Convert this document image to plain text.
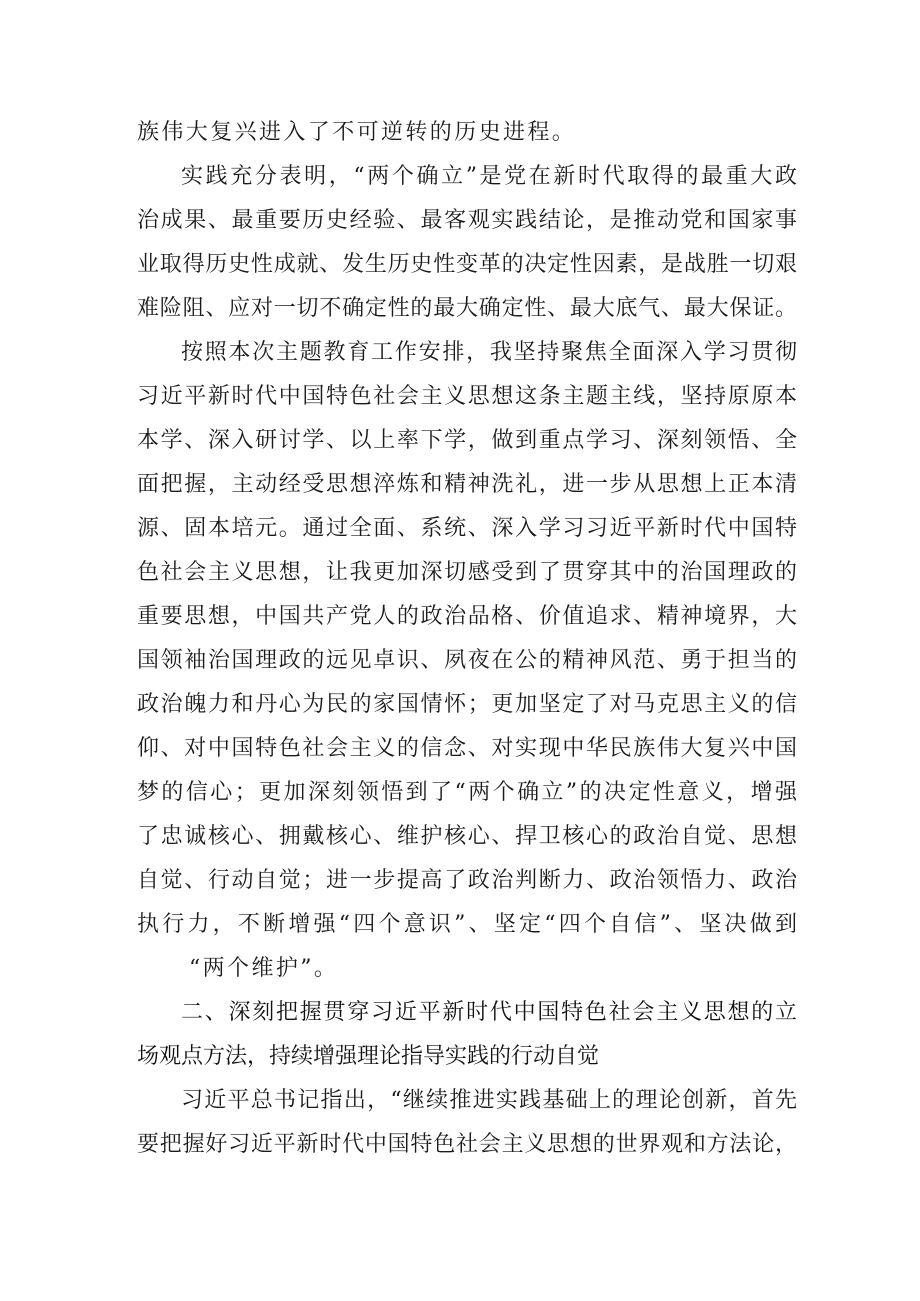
族伟大复兴进入了不可逆转的历史进程。
实践充分表明，“两个确立”是党在新时代取得的最重大政
治成果、最重要历史经验、最客观实践结论，是推动党和国家事
业取得历史性成就、发生历史性变革的决定性因素，是战胜一切艰
难险阻、应对一切不确定性的最大确定性、最大底气、最大保证。
按照本次主题教育工作安排，我坚持聚焦全面深入学习贯彻
习近平新时代中国特色社会主义思想这条主题主线，坚持原原本
本学、深入研讨学、以上率下学，做到重点学习、深刻领悟、全
面把握，主动经受思想淬炼和精神洗礼，进一步从思想上正本清
源、固本培元。通过全面、系统、深入学习习近平新时代中国特
色社会主义思想，让我更加深切感受到了贯穿其中的治国理政的
重要思想，中国共产党人的政治品格、价值追求、精神境界，大
国领袖治国理政的远见卓识、夙夜在公的精神风范、勇于担当的
政治魄力和丹心为民的家国情怀；更加坚定了对马克思主义的信
仰、对中国特色社会主义的信念、对实现中华民族伟大复兴中国
梦的信心；更加深刻领悟到了“两个确立”的决定性意义，增强
了忠诚核心、拥戴核心、维护核心、捍卫核心的政治自觉、思想
自觉、行动自觉；进一步提高了政治判断力、政治领悟力、政治
执行力，不断增强“四个意识”、坚定“四个自信”、坚决做到
“两个维护”。
二、深刻把握贯穿习近平新时代中国特色社会主义思想的立
场观点方法，持续增强理论指导实践的行动自觉
习近平总书记指出，“继续推进实践基础上的理论创新，首先
要把握好习近平新时代中国特色社会主义思想的世界观和方法论，
